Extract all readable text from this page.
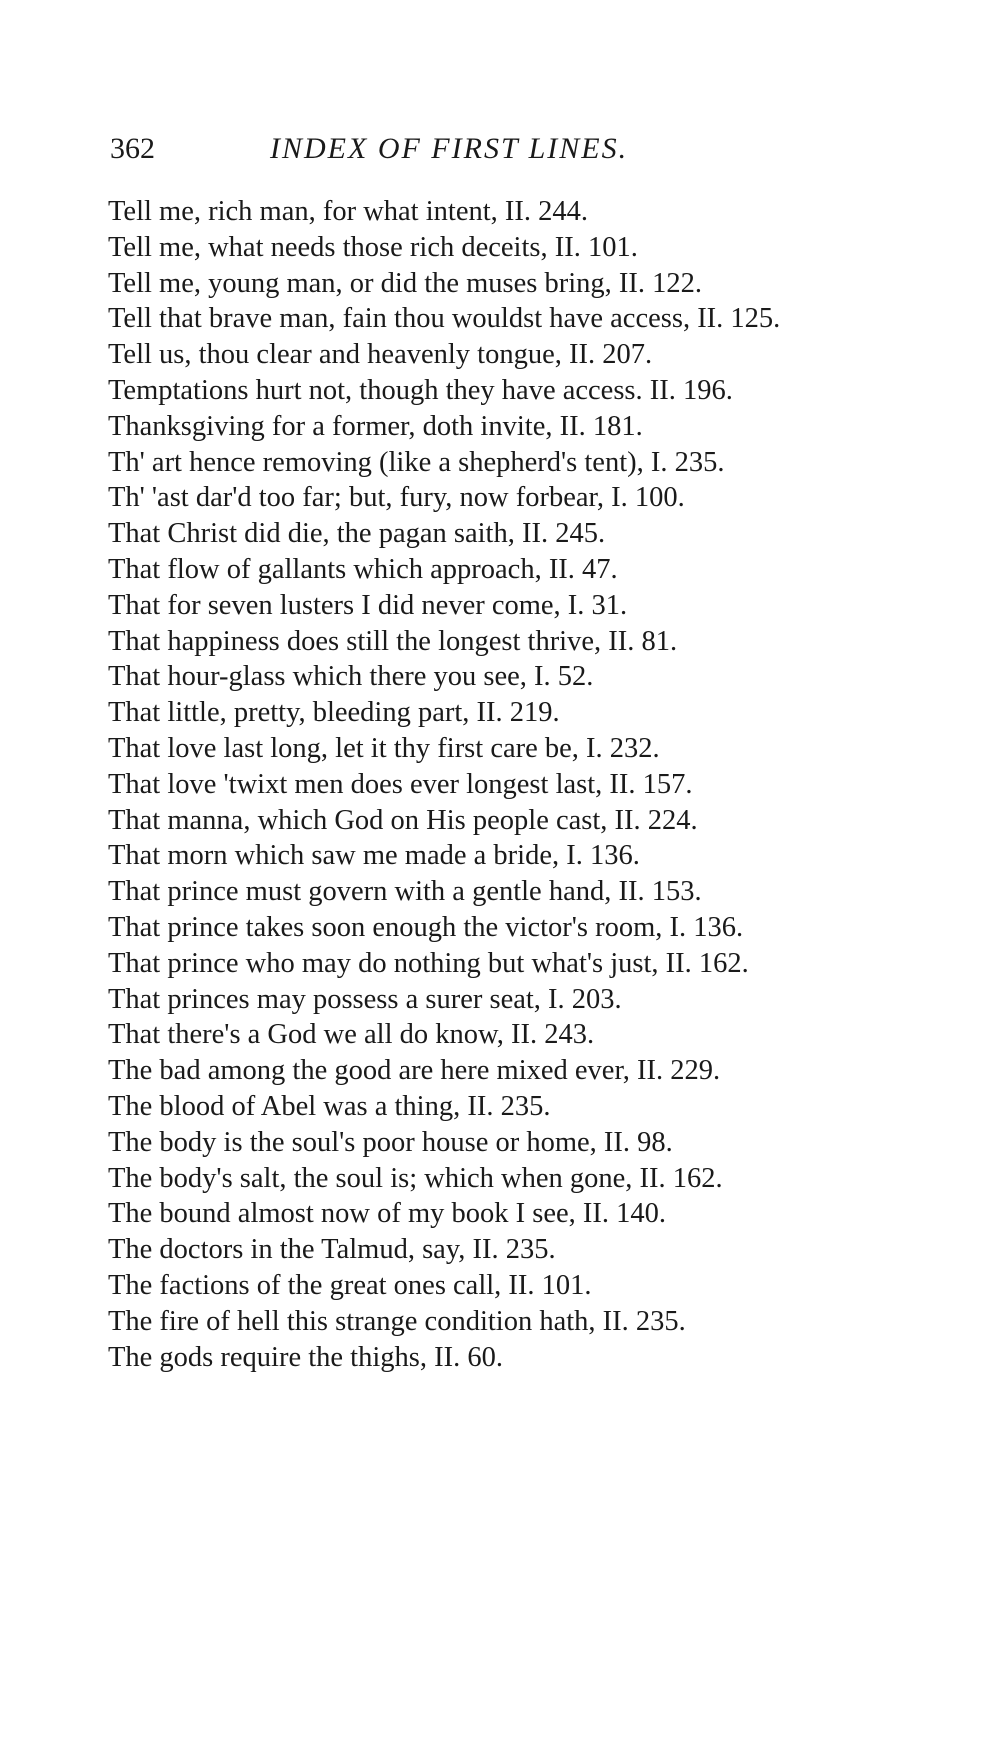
362	INDEX OF FIRST LINES.
Tell me, rich man, for what intent, II. 244.
Tell me, what needs those rich deceits, II. 101.
Tell me, young man, or did the muses bring, II. 122.
Tell that brave man, fain thou wouldst have access, II. 125.
Tell us, thou clear and heavenly tongue, II. 207.
Temptations hurt not, though they have access. II. 196.
Thanksgiving for a former, doth invite, II. 181.
Th' art hence removing (like a shepherd's tent), I. 235.
Th' 'ast dar'd too far; but, fury, now forbear, I. 100.
That Christ did die, the pagan saith, II. 245.
That flow of gallants which approach, II. 47.
That for seven lusters I did never come, I. 31.
That happiness does still the longest thrive, II. 81.
That hour-glass which there you see, I. 52.
That little, pretty, bleeding part, II. 219.
That love last long, let it thy first care be, I. 232.
That love 'twixt men does ever longest last, II. 157.
That manna, which God on His people cast, II. 224.
That morn which saw me made a bride, I. 136.
That prince must govern with a gentle hand, II. 153.
That prince takes soon enough the victor's room, I. 136.
That prince who may do nothing but what's just, II. 162.
That princes may possess a surer seat, I. 203.
That there's a God we all do know, II. 243.
The bad among the good are here mixed ever, II. 229.
The blood of Abel was a thing, II. 235.
The body is the soul's poor house or home, II. 98.
The body's salt, the soul is; which when gone, II. 162.
The bound almost now of my book I see, II. 140.
The doctors in the Talmud, say, II. 235.
The factions of the great ones call, II. 101.
The fire of hell this strange condition hath, II. 235.
The gods require the thighs, II. 60.
